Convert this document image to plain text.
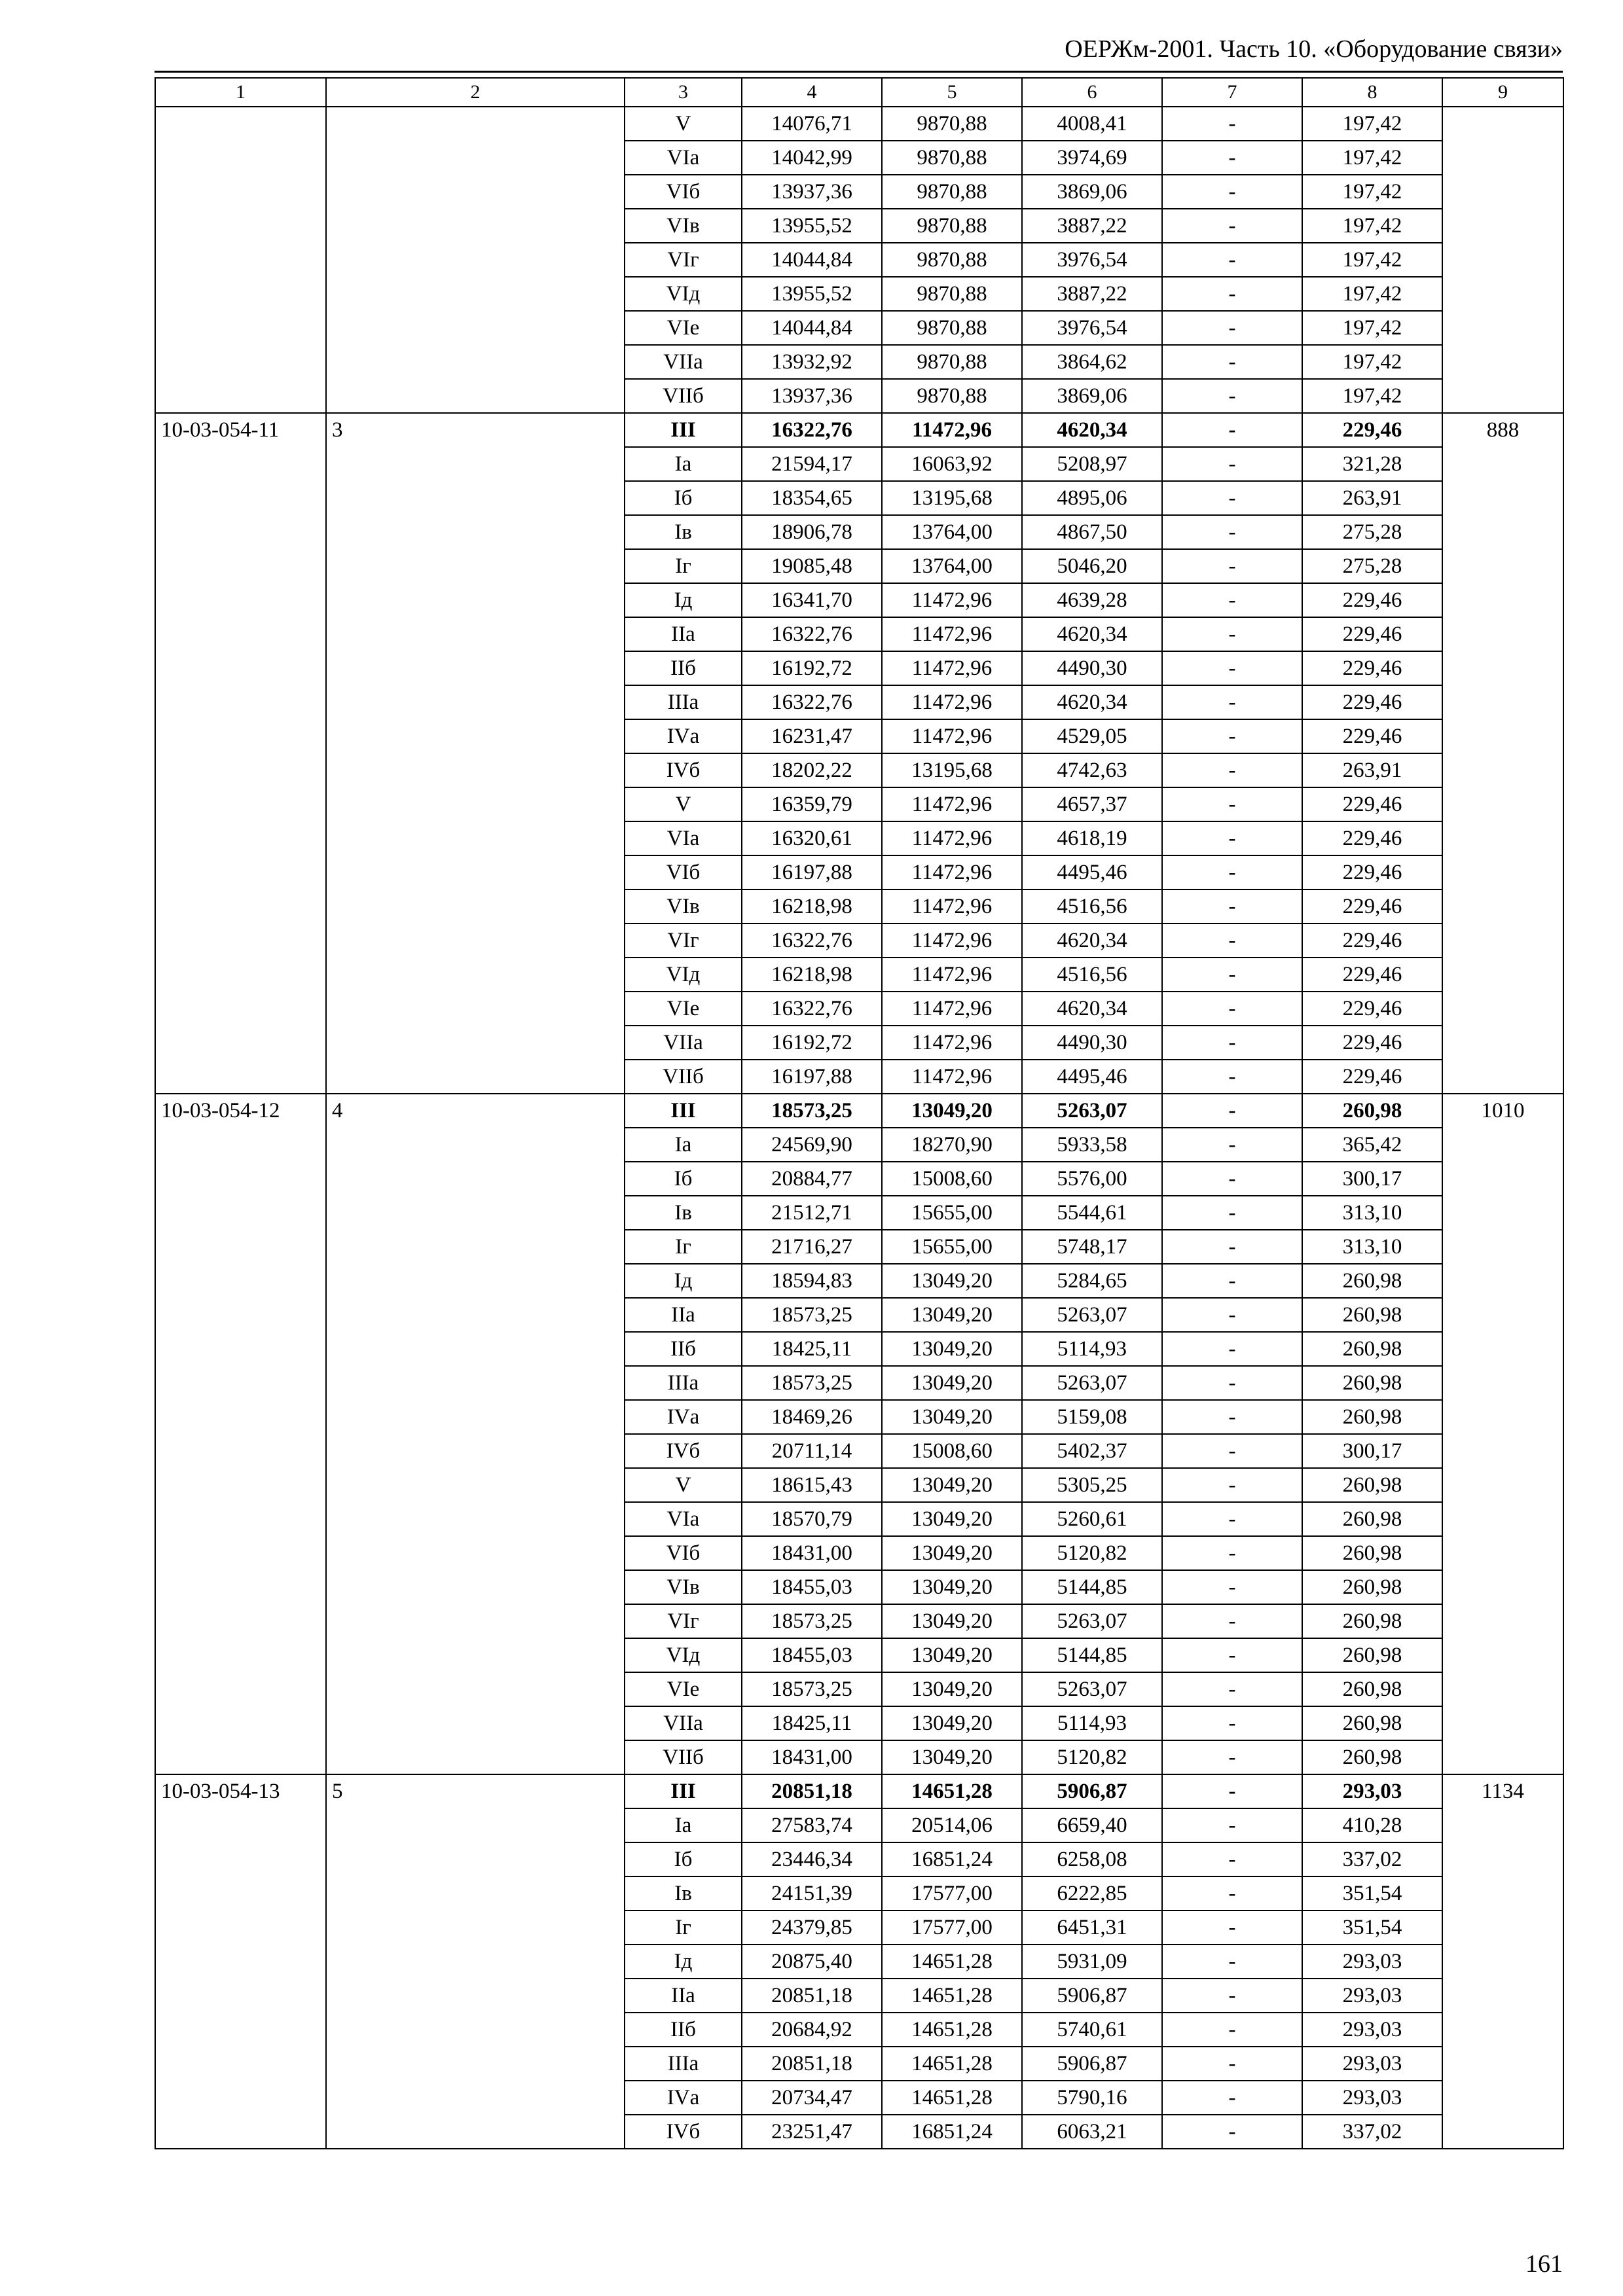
ОЕРЖм-2001. Часть 10. «Оборудование связи»
1	2	3	4	5	6	7	8	9
		V	14076,71	9870,88	4008,41	-	197,42	
		VIа	14042,99	9870,88	3974,69	-	197,42	
		VIб	13937,36	9870,88	3869,06	-	197,42	
		VIв	13955,52	9870,88	3887,22	-	197,42	
		VIг	14044,84	9870,88	3976,54	-	197,42	
		VIд	13955,52	9870,88	3887,22	-	197,42	
		VIе	14044,84	9870,88	3976,54	-	197,42	
		VIIа	13932,92	9870,88	3864,62	-	197,42	
		VIIб	13937,36	9870,88	3869,06	-	197,42	
10-03-054-11	3	III	16322,76	11472,96	4620,34	-	229,46	888
		Iа	21594,17	16063,92	5208,97	-	321,28	
		Iб	18354,65	13195,68	4895,06	-	263,91	
		Iв	18906,78	13764,00	4867,50	-	275,28	
		Iг	19085,48	13764,00	5046,20	-	275,28	
		Iд	16341,70	11472,96	4639,28	-	229,46	
		IIа	16322,76	11472,96	4620,34	-	229,46	
		IIб	16192,72	11472,96	4490,30	-	229,46	
		IIIа	16322,76	11472,96	4620,34	-	229,46	
		IVа	16231,47	11472,96	4529,05	-	229,46	
		IVб	18202,22	13195,68	4742,63	-	263,91	
		V	16359,79	11472,96	4657,37	-	229,46	
		VIа	16320,61	11472,96	4618,19	-	229,46	
		VIб	16197,88	11472,96	4495,46	-	229,46	
		VIв	16218,98	11472,96	4516,56	-	229,46	
		VIг	16322,76	11472,96	4620,34	-	229,46	
		VIд	16218,98	11472,96	4516,56	-	229,46	
		VIе	16322,76	11472,96	4620,34	-	229,46	
		VIIа	16192,72	11472,96	4490,30	-	229,46	
		VIIб	16197,88	11472,96	4495,46	-	229,46	
10-03-054-12	4	III	18573,25	13049,20	5263,07	-	260,98	1010
		Iа	24569,90	18270,90	5933,58	-	365,42	
		Iб	20884,77	15008,60	5576,00	-	300,17	
		Iв	21512,71	15655,00	5544,61	-	313,10	
		Iг	21716,27	15655,00	5748,17	-	313,10	
		Iд	18594,83	13049,20	5284,65	-	260,98	
		IIа	18573,25	13049,20	5263,07	-	260,98	
		IIб	18425,11	13049,20	5114,93	-	260,98	
		IIIа	18573,25	13049,20	5263,07	-	260,98	
		IVа	18469,26	13049,20	5159,08	-	260,98	
		IVб	20711,14	15008,60	5402,37	-	300,17	
		V	18615,43	13049,20	5305,25	-	260,98	
		VIа	18570,79	13049,20	5260,61	-	260,98	
		VIб	18431,00	13049,20	5120,82	-	260,98	
		VIв	18455,03	13049,20	5144,85	-	260,98	
		VIг	18573,25	13049,20	5263,07	-	260,98	
		VIд	18455,03	13049,20	5144,85	-	260,98	
		VIе	18573,25	13049,20	5263,07	-	260,98	
		VIIа	18425,11	13049,20	5114,93	-	260,98	
		VIIб	18431,00	13049,20	5120,82	-	260,98	
10-03-054-13	5	III	20851,18	14651,28	5906,87	-	293,03	1134
		Iа	27583,74	20514,06	6659,40	-	410,28	
		Iб	23446,34	16851,24	6258,08	-	337,02	
		Iв	24151,39	17577,00	6222,85	-	351,54	
		Iг	24379,85	17577,00	6451,31	-	351,54	
		Iд	20875,40	14651,28	5931,09	-	293,03	
		IIа	20851,18	14651,28	5906,87	-	293,03	
		IIб	20684,92	14651,28	5740,61	-	293,03	
		IIIа	20851,18	14651,28	5906,87	-	293,03	
		IVа	20734,47	14651,28	5790,16	-	293,03	
		IVб	23251,47	16851,24	6063,21	-	337,02	
161
